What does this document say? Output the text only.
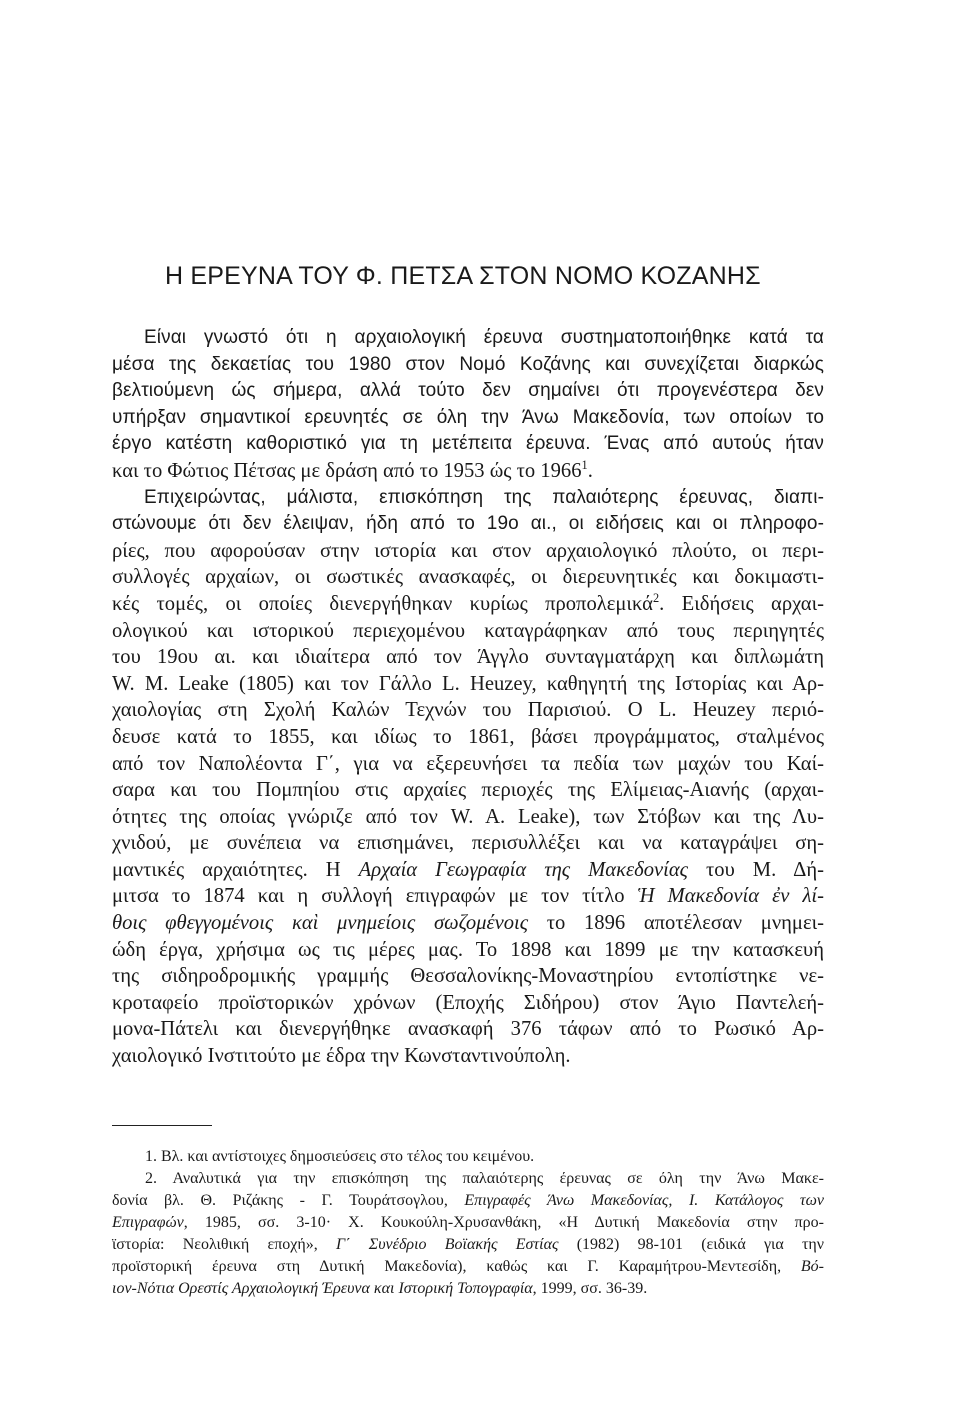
Η ΕΡΕΥΝΑ ΤΟΥ Φ. ΠΕΤΣΑ ΣΤΟΝ ΝΟΜΟ ΚΟΖΑΝΗΣ
Είναι γνωστό ότι η αρχαιολογική έρευνα συστηματοποιήθηκε κατά τα
μέσα της δεκαετίας του 1980 στον Νομό Κοζάνης και συνεχίζεται διαρκώς
βελτιούμενη ώς σήμερα, αλλά τούτο δεν σημαίνει ότι προγενέστερα δεν
υπήρξαν σημαντικοί ερευνητές σε όλη την Άνω Μακεδονία, των οποίων το
έργο κατέστη καθοριστικό για τη μετέπειτα έρευνα. Ένας από αυτούς ήταν
και το Φώτιος Πέτσας με δράση από το 1953 ώς το 1966$^1$.
Επιχειρώντας, μάλιστα, επισκόπηση της παλαιότερης έρευνας, διαπι-
στώνουμε ότι δεν έλειψαν, ήδη από το 19ο αι., οι ειδήσεις και οι πληροφο-
ρίες, που αφορούσαν στην ιστορία και στον αρχαιολογικό πλούτο, οι περι-
συλλογές αρχαίων, οι σωστικές ανασκαφές, οι διερευνητικές και δοκιμαστι-
κές τομές, οι οποίες διενεργήθηκαν κυρίως προπολεμικά$^2$. Ειδήσεις αρχαι-
ολογικού και ιστορικού περιεχομένου καταγράφηκαν από τους περιηγητές
του 19ου αι. και ιδιαίτερα από τον Άγγλο συνταγματάρχη και διπλωμάτη
W. M. Leake (1805) και τον Γάλλο L. Heuzey, καθηγητή της Ιστορίας και Αρ-
χαιολογίας στη Σχολή Καλών Τεχνών του Παρισιού. Ο L. Heuzey περιό-
δευσε κατά το 1855, και ιδίως το 1861, βάσει προγράμματος, σταλμένος
από τον Ναπολέοντα Γ΄, για να εξερευνήσει τα πεδία των μαχών του Καί-
σαρα και του Πομπηίου στις αρχαίες περιοχές της Ελίμειας-Αιανής (αρχαι-
ότητες της οποίας γνώριζε από τον W. A. Leake), των Στόβων και της Λυ-
χνιδού, με συνέπεια να επισημάνει, περισυλλέξει και να καταγράψει ση-
μαντικές αρχαιότητες. Η Αρχαία Γεωγραφία της Μακεδονίας του Μ. Δή-
μιτσα το 1874 και η συλλογή επιγραφών με τον τίτλο Ἡ Μακεδονία ἐν λί-
θοις φθεγγομένοις καὶ μνημείοις σωζομένοις το 1896 αποτέλεσαν μνημει-
ώδη έργα, χρήσιμα ως τις μέρες μας. Το 1898 και 1899 με την κατασκευή
της σιδηροδρομικής γραμμής Θεσσαλονίκης-Μοναστηρίου εντοπίστηκε νε-
κροταφείο προϊστορικών χρόνων (Εποχής Σιδήρου) στον Άγιο Παντελεή-
μονα-Πάτελι και διενεργήθηκε ανασκαφή 376 τάφων από το Ρωσικό Αρ-
χαιολογικό Ινστιτούτο με έδρα την Κωνσταντινούπολη.
1. Βλ. και αντίστοιχες δημοσιεύσεις στο τέλος του κειμένου.
2. Αναλυτικά για την επισκόπηση της παλαιότερης έρευνας σε όλη την Άνω Μακε-
δονία βλ. Θ. Ριζάκης - Γ. Τουράτσογλου, Επιγραφές Άνω Μακεδονίας, Ι. Κατάλογος των
Επιγραφών, 1985, σσ. 3-10· Χ. Κουκούλη-Χρυσανθάκη, «Η Δυτική Μακεδονία στην προ-
ϊστορία: Νεολιθική εποχή», Γ΄ Συνέδριο Βοϊακής Εστίας (1982) 98-101 (ειδικά για την
προϊστορική έρευνα στη Δυτική Μακεδονία), καθώς και Γ. Καραμήτρου-Μεντεσίδη, Βό-
ιον-Νότια Ορεστίς Αρχαιολογική Έρευνα και Ιστορική Τοπογραφία, 1999, σσ. 36-39.
